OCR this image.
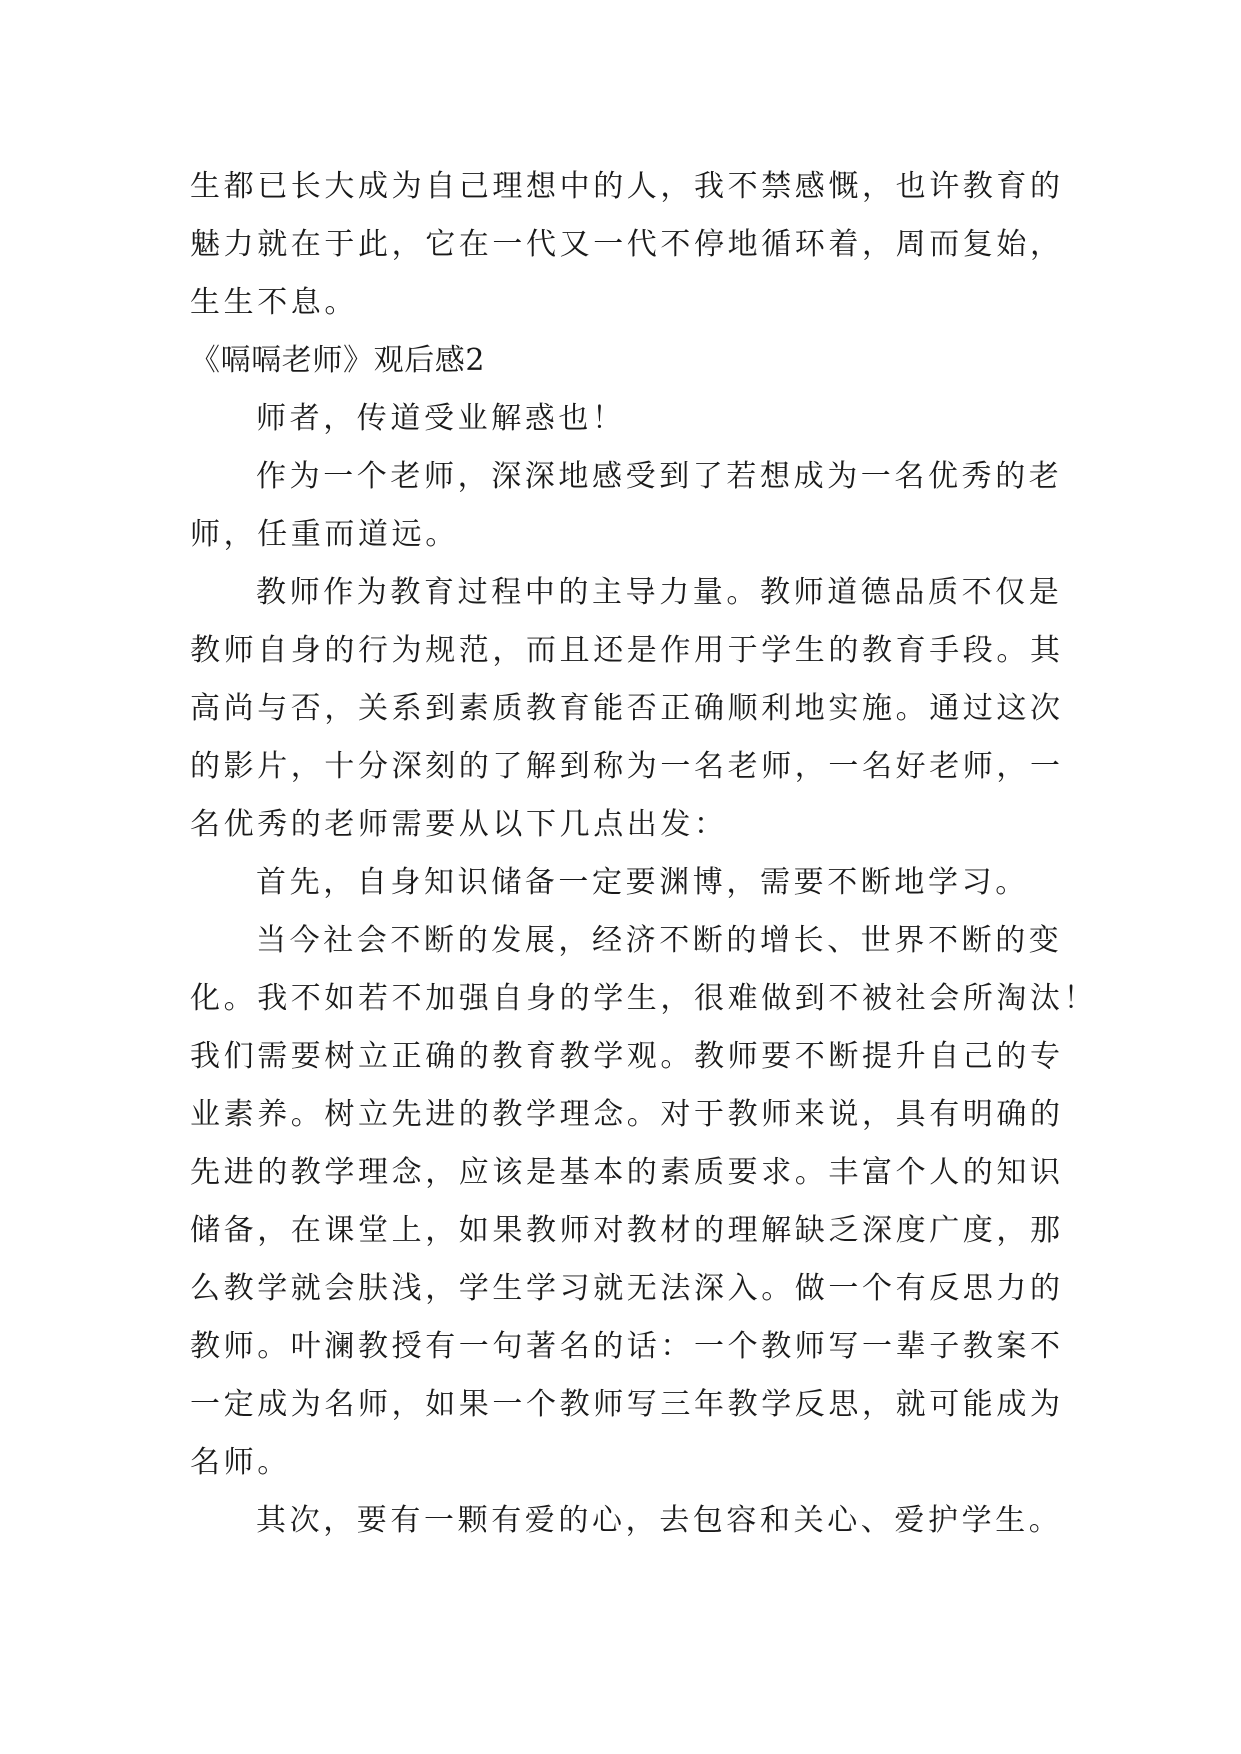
生都已长大成为自己理想中的人，我不禁感慨，也许教育的
魅力就在于此，它在一代又一代不停地循环着，周而复始，
生生不息。
《嗝嗝老师》观后感2
师者，传道受业解惑也！
作为一个老师，深深地感受到了若想成为一名优秀的老
师，任重而道远。
教师作为教育过程中的主导力量。教师道德品质不仅是
教师自身的行为规范，而且还是作用于学生的教育手段。其
高尚与否，关系到素质教育能否正确顺利地实施。通过这次
的影片，十分深刻的了解到称为一名老师，一名好老师，一
名优秀的老师需要从以下几点出发：
首先，自身知识储备一定要渊博，需要不断地学习。
当今社会不断的发展，经济不断的增长、世界不断的变
化。我不如若不加强自身的学生，很难做到不被社会所淘汰！
我们需要树立正确的教育教学观。教师要不断提升自己的专
业素养。树立先进的教学理念。对于教师来说，具有明确的
先进的教学理念，应该是基本的素质要求。丰富个人的知识
储备，在课堂上，如果教师对教材的理解缺乏深度广度，那
么教学就会肤浅，学生学习就无法深入。做一个有反思力的
教师。叶澜教授有一句著名的话：一个教师写一辈子教案不
一定成为名师，如果一个教师写三年教学反思，就可能成为
名师。
其次，要有一颗有爱的心，去包容和关心、爱护学生。
